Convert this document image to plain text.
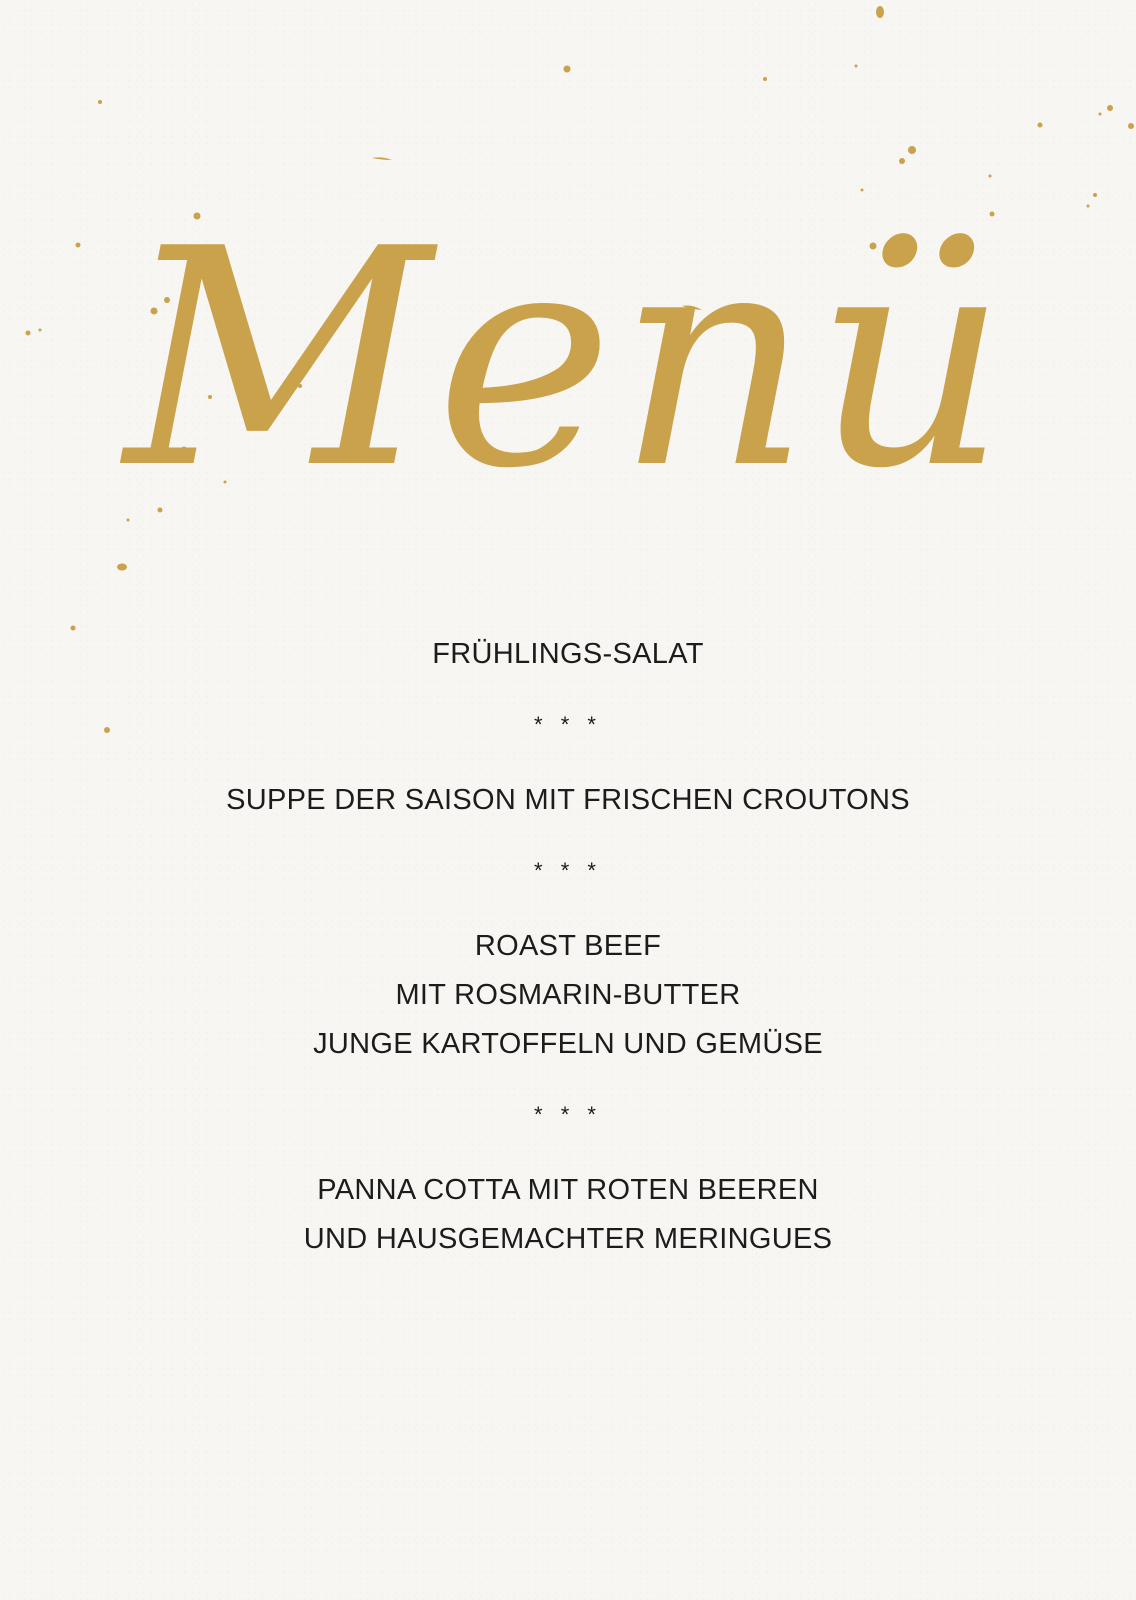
Menü
FRÜHLINGS-SALAT
* * *
SUPPE DER SAISON MIT FRISCHEN CROUTONS
* * *
ROAST BEEF
MIT ROSMARIN-BUTTER
JUNGE KARTOFFELN UND GEMÜSE
* * *
PANNA COTTA MIT ROTEN BEEREN
UND HAUSGEMACHTER MERINGUES
